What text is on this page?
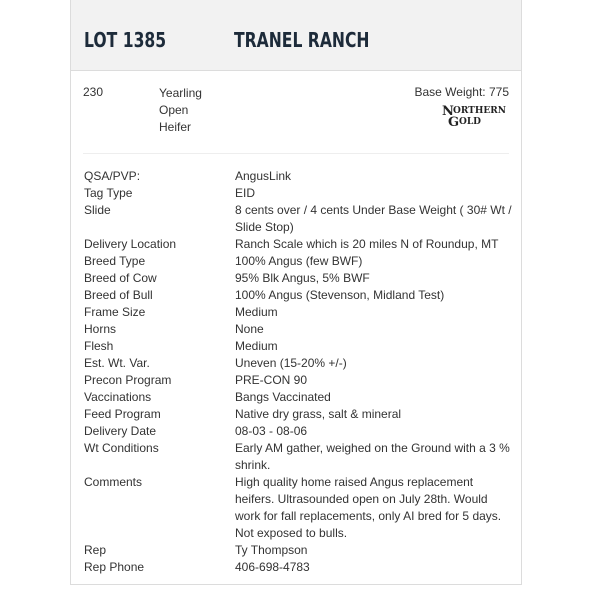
LOT 1385	TRANEL RANCH
230	Yearling
Open
Heifer
Base Weight: 775
N ORTHERN
G OLD
QSA/PVP:	AngusLink
Tag Type	EID
Slide	8 cents over / 4 cents Under Base Weight ( 30# Wt / Slide Stop)
Delivery Location	Ranch Scale which is 20 miles N of Roundup, MT
Breed Type	100% Angus (few BWF)
Breed of Cow	95% Blk Angus, 5% BWF
Breed of Bull	100% Angus (Stevenson, Midland Test)
Frame Size	Medium
Horns	None
Flesh	Medium
Est. Wt. Var.	Uneven (15-20% +/-)
Precon Program	PRE-CON 90
Vaccinations	Bangs Vaccinated
Feed Program	Native dry grass, salt & mineral
Delivery Date	08-03 - 08-06
Wt Conditions	Early AM gather, weighed on the Ground with a 3 % shrink.
Comments	High quality home raised Angus replacement heifers. Ultrasounded open on July 28th. Would work for fall replacements, only AI bred for 5 days. Not exposed to bulls.
Rep	Ty Thompson
Rep Phone	406-698-4783
